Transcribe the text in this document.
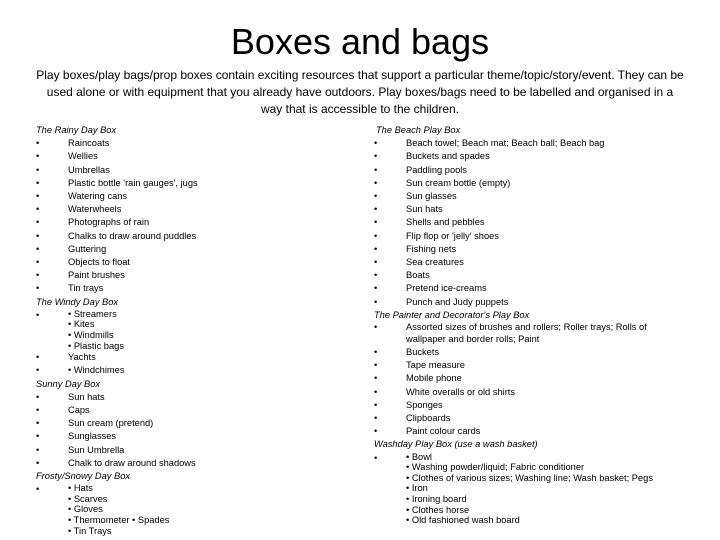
Boxes and bags

Play boxes/play bags/prop boxes contain exciting resources that support a particular theme/topic/story/event. They can be used alone or with equipment that you already have outdoors. Play boxes/bags need to be labelled and organised in a way that is accessible to the children.

The Rainy Day Box
•	Raincoats
•	Wellies
•	Umbrellas
•	Plastic bottle 'rain gauges', jugs
•	Watering cans
•	Waterwheels
•	Photographs of rain
•	Chalks to draw around puddles
•	Guttering
•	Objects to float
•	Paint brushes
•	Tin trays
The Windy Day Box
•	• Streamers
• Kites
• Windmills
• Plastic bags
•	Yachts
•	• Windchimes
Sunny Day Box
•	Sun hats
•	Caps
•	Sun cream (pretend)
•	Sunglasses
•	Sun Umbrella
•	Chalk to draw around shadows
Frosty/Snowy Day Box
•	• Hats
• Scarves
• Gloves
• Thermometer • Spades
• Tin Trays
The Beach Play Box
•	Beach towel; Beach mat; Beach ball; Beach bag
•	Buckets and spades
•	Paddling pools
•	Sun cream bottle (empty)
•	Sun glasses
•	Sun hats
•	Shells and pebbles
•	Flip flop or 'jelly' shoes
•	Fishing nets
•	Sea creatures
•	Boats
•	Pretend ice-creams
•	Punch and Judy puppets
The Painter and Decorator's Play Box
•	Assorted sizes of brushes and rollers; Roller trays; Rolls of wallpaper and border rolls; Paint
•	Buckets
•	Tape measure
•	Mobile phone
•	White overalls or old shirts
•	Sponges
•	Clipboards
•	Paint colour cards
Washday Play Box (use a wash basket)
•	• Bowl
• Washing powder/liquid; Fabric conditioner
• Clothes of various sizes; Washing line; Wash basket; Pegs
• Iron
• Ironing board
• Clothes horse
• Old fashioned wash board
